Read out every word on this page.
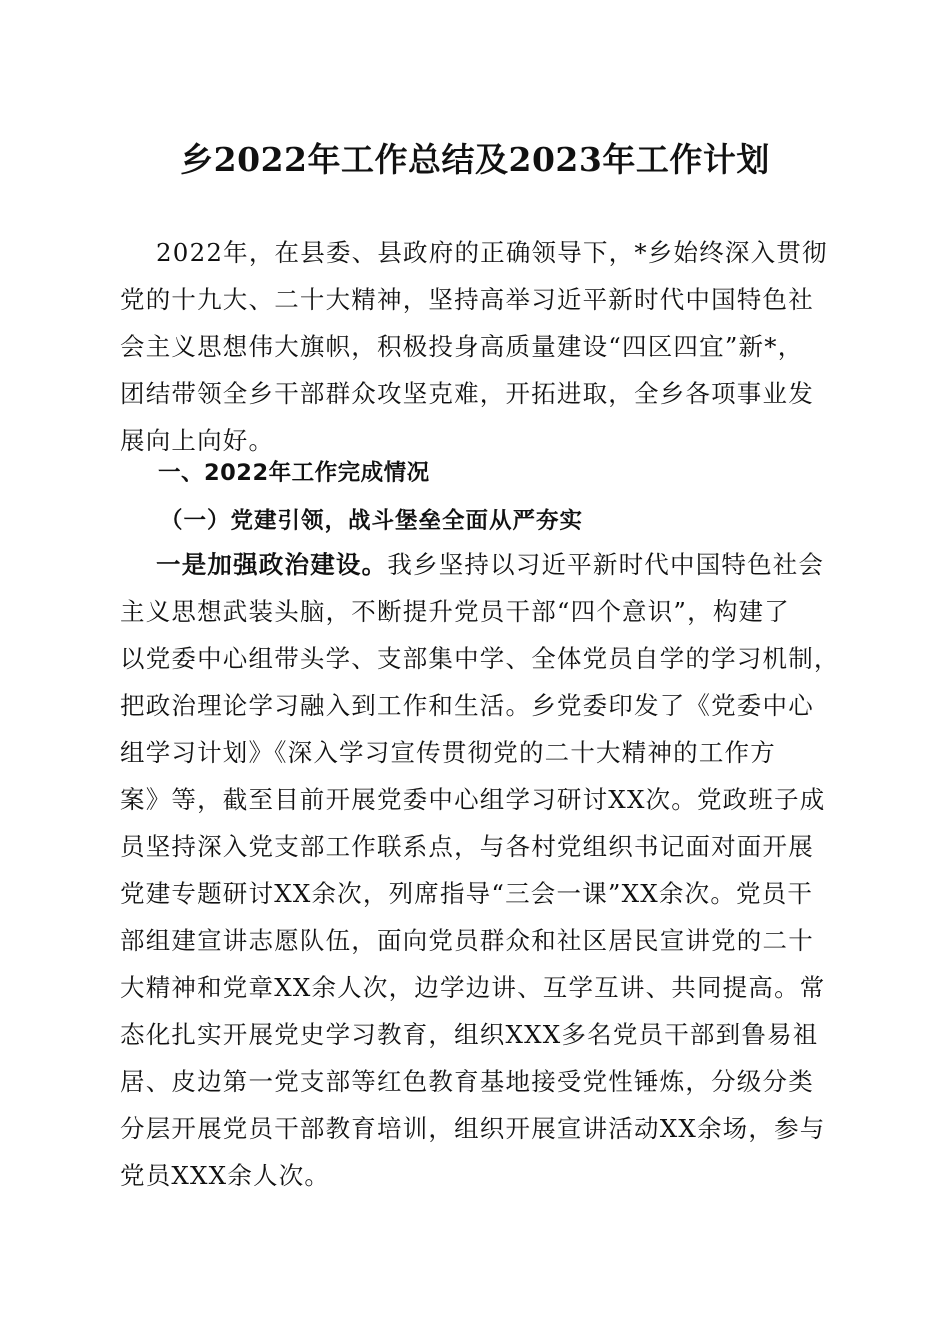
乡2022年工作总结及2023年工作计划
2022年，在县委、县政府的正确领导下，*乡始终深入贯彻
党的十九大、二十大精神，坚持高举习近平新时代中国特色社
会主义思想伟大旗帜，积极投身高质量建设“四区四宜”新*，
团结带领全乡干部群众攻坚克难，开拓进取，全乡各项事业发
展向上向好。
一、2022年工作完成情况
（一）党建引领，战斗堡垒全面从严夯实
一是加强政治建设。我乡坚持以习近平新时代中国特色社会
主义思想武装头脑，不断提升党员干部“四个意识”，构建了
以党委中心组带头学、支部集中学、全体党员自学的学习机制，
把政治理论学习融入到工作和生活。乡党委印发了《党委中心
组学习计划》《深入学习宣传贯彻党的二十大精神的工作方
案》等，截至目前开展党委中心组学习研讨XX次。党政班子成
员坚持深入党支部工作联系点，与各村党组织书记面对面开展
党建专题研讨XX余次，列席指导“三会一课”XX余次。党员干
部组建宣讲志愿队伍，面向党员群众和社区居民宣讲党的二十
大精神和党章XX余人次，边学边讲、互学互讲、共同提高。常
态化扎实开展党史学习教育，组织XXX多名党员干部到鲁易祖
居、皮边第一党支部等红色教育基地接受党性锤炼，分级分类
分层开展党员干部教育培训，组织开展宣讲活动XX余场，参与
党员XXX余人次。
